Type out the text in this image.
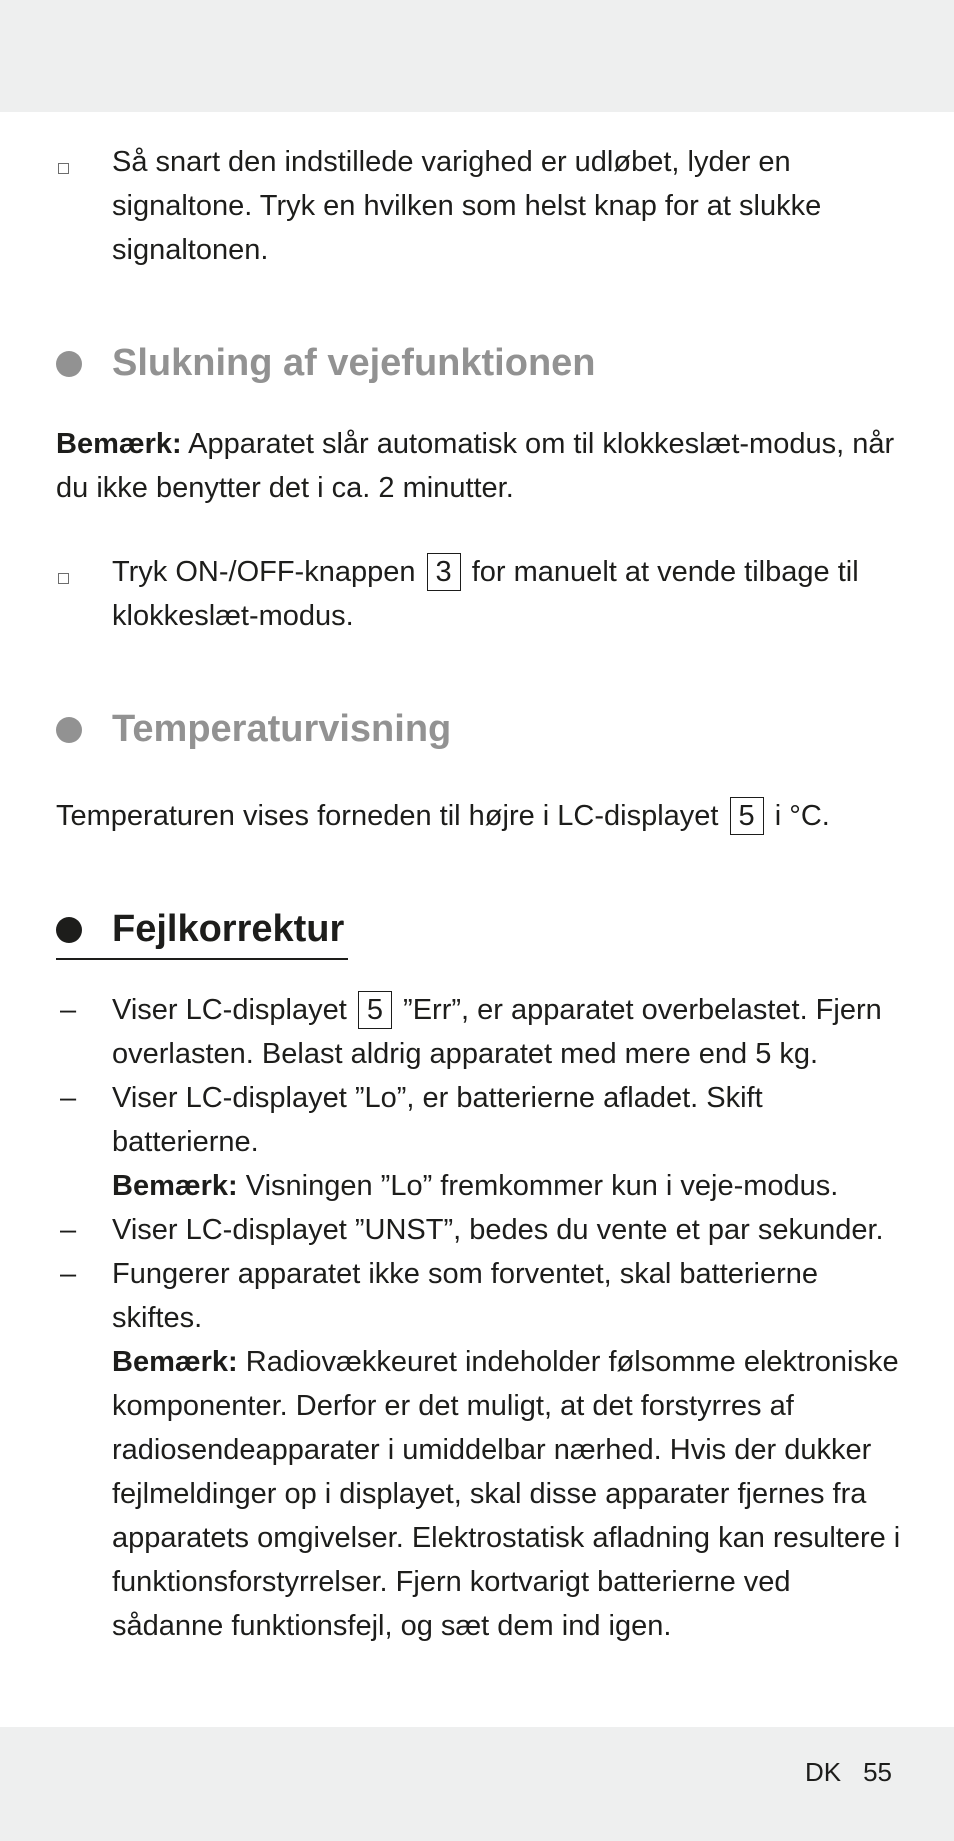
Så snart den indstillede varighed er udløbet, lyder en signaltone. Tryk en hvilken som helst knap for at slukke signaltonen.
Slukning af vejefunktionen
Bemærk: Apparatet slår automatisk om til klokkeslæt-modus, når du ikke benytter det i ca. 2 minutter.
Tryk ON-/OFF-knappen 3 for manuelt at vende tilbage til klokkeslæt-modus.
Temperaturvisning
Temperaturen vises forneden til højre i LC-displayet 5 i °C.
Fejlkorrektur
– Viser LC-displayet 5 ”Err”, er apparatet overbelastet. Fjern overlasten. Belast aldrig apparatet med mere end 5 kg.
– Viser LC-displayet ”Lo”, er batterierne afladet. Skift batterierne.
Bemærk: Visningen ”Lo” fremkommer kun i veje-modus.
– Viser LC-displayet ”UNST”, bedes du vente et par sekunder.
– Fungerer apparatet ikke som forventet, skal batterierne skiftes.
Bemærk: Radiovækkeuret indeholder følsomme elektroniske komponenter. Derfor er det muligt, at det forstyrres af radiosendeapparater i umiddelbar nærhed. Hvis der dukker fejlmeldinger op i displayet, skal disse apparater fjernes fra apparatets omgivelser. Elektrostatisk afladning kan resultere i funktionsforstyrrelser. Fjern kortvarigt batterierne ved sådanne funktionsfejl, og sæt dem ind igen.
DK 55
